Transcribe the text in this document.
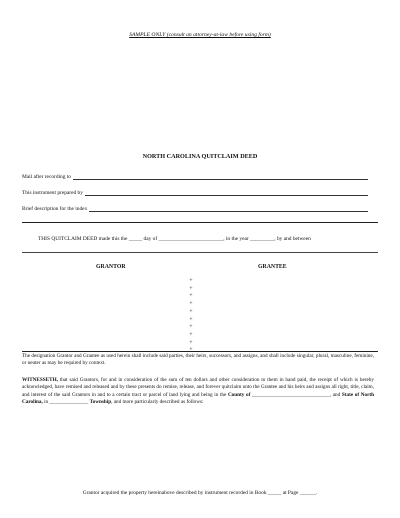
SAMPLE ONLY (consult an attorney-at-law before using form)
NORTH CAROLINA QUITCLAIM DEED
Mail after recording to
This instrument prepared by
Brief description for the index
THIS QUITCLAIM DEED made this the _____ day of ________________________, in the year _________, by and between
GRANTOR	GRANTEE
+
+
+
+
+
+
+
+
+
+
The designation Grantor and Grantee as used herein shall include said parties, their heirs, successors, and assigns, and shall include singular, plural, masculine, feminine, or neuter as may be required by context.
WITNESSETH, that said Grantors, for and in consideration of the sum of ten dollars and other consideration to them in hand paid, the receipt of which is hereby acknowledged, have remised and released and by these presents do remise, release, and forever quitclaim unto the Grantee and his heirs and assigns all right, title, claim, and interest of the said Grantors in and to a certain tract or parcel of land lying and being in the County of ______________________________, and State of North Carolina, in _______________ Township, and more particularly described as follows:
Grantor acquired the property hereinabove described by instrument recorded in Book _____ at Page ______.
